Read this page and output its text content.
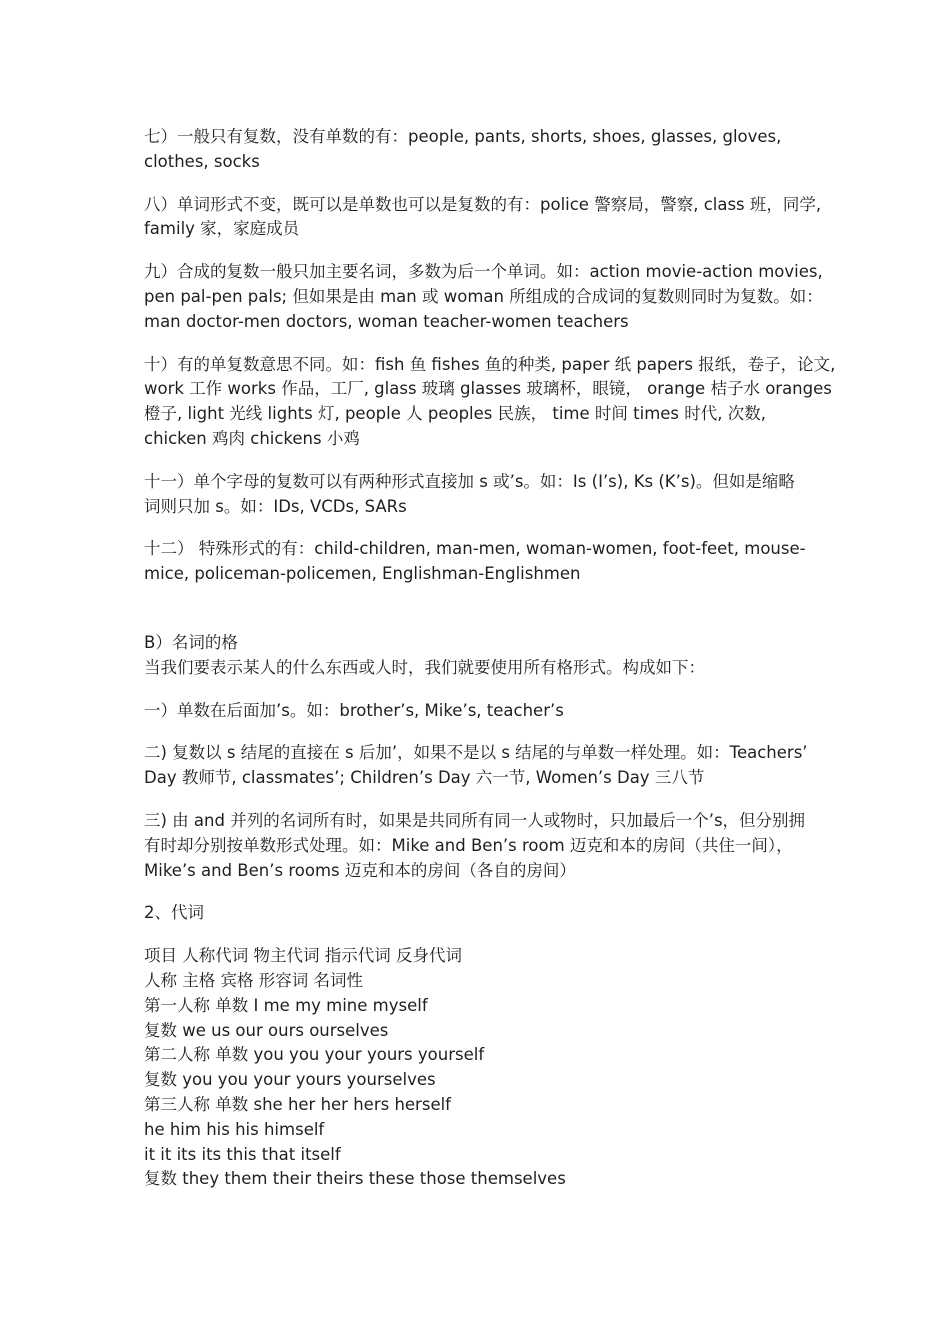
七）一般只有复数，没有单数的有：people, pants, shorts, shoes, glasses, gloves,
clothes, socks

八）单词形式不变，既可以是单数也可以是复数的有：police 警察局，警察, class 班，同学,
family 家，家庭成员

九）合成的复数一般只加主要名词，多数为后一个单词。如：action movie-action movies,
pen pal-pen pals; 但如果是由 man 或 woman 所组成的合成词的复数则同时为复数。如：
man doctor-men doctors, woman teacher-women teachers

十）有的单复数意思不同。如：fish 鱼 fishes 鱼的种类, paper 纸 papers 报纸，卷子，论文,
work 工作 works 作品，工厂, glass 玻璃 glasses 玻璃杯，眼镜， orange 桔子水 oranges
橙子, light 光线 lights 灯, people 人 peoples 民族， time 时间 times 时代, 次数,
chicken 鸡肉 chickens 小鸡

十一）单个字母的复数可以有两种形式直接加 s 或’s。如：Is (I’s), Ks (K’s)。但如是缩略
词则只加 s。如：IDs, VCDs, SARs

十二） 特殊形式的有：child-children, man-men, woman-women, foot-feet, mouse-
mice, policeman-policemen, Englishman-Englishmen

B）名词的格
当我们要表示某人的什么东西或人时，我们就要使用所有格形式。构成如下：

一）单数在后面加’s。如：brother’s, Mike’s, teacher’s

二) 复数以 s 结尾的直接在 s 后加’，如果不是以 s 结尾的与单数一样处理。如：Teachers’
Day 教师节, classmates’; Children’s Day 六一节, Women’s Day 三八节

三) 由 and 并列的名词所有时，如果是共同所有同一人或物时，只加最后一个’s，但分别拥
有时却分别按单数形式处理。如：Mike and Ben’s room 迈克和本的房间（共住一间），
Mike’s and Ben’s rooms 迈克和本的房间（各自的房间）

2、代词
项目 人称代词 物主代词 指示代词 反身代词
人称 主格 宾格 形容词 名词性
第一人称 单数 I me my mine myself
复数 we us our ours ourselves
第二人称 单数 you you your yours yourself
复数 you you your yours yourselves
第三人称 单数 she her her hers herself
he him his his himself
it it its its this that itself
复数 they them their theirs these those themselves
